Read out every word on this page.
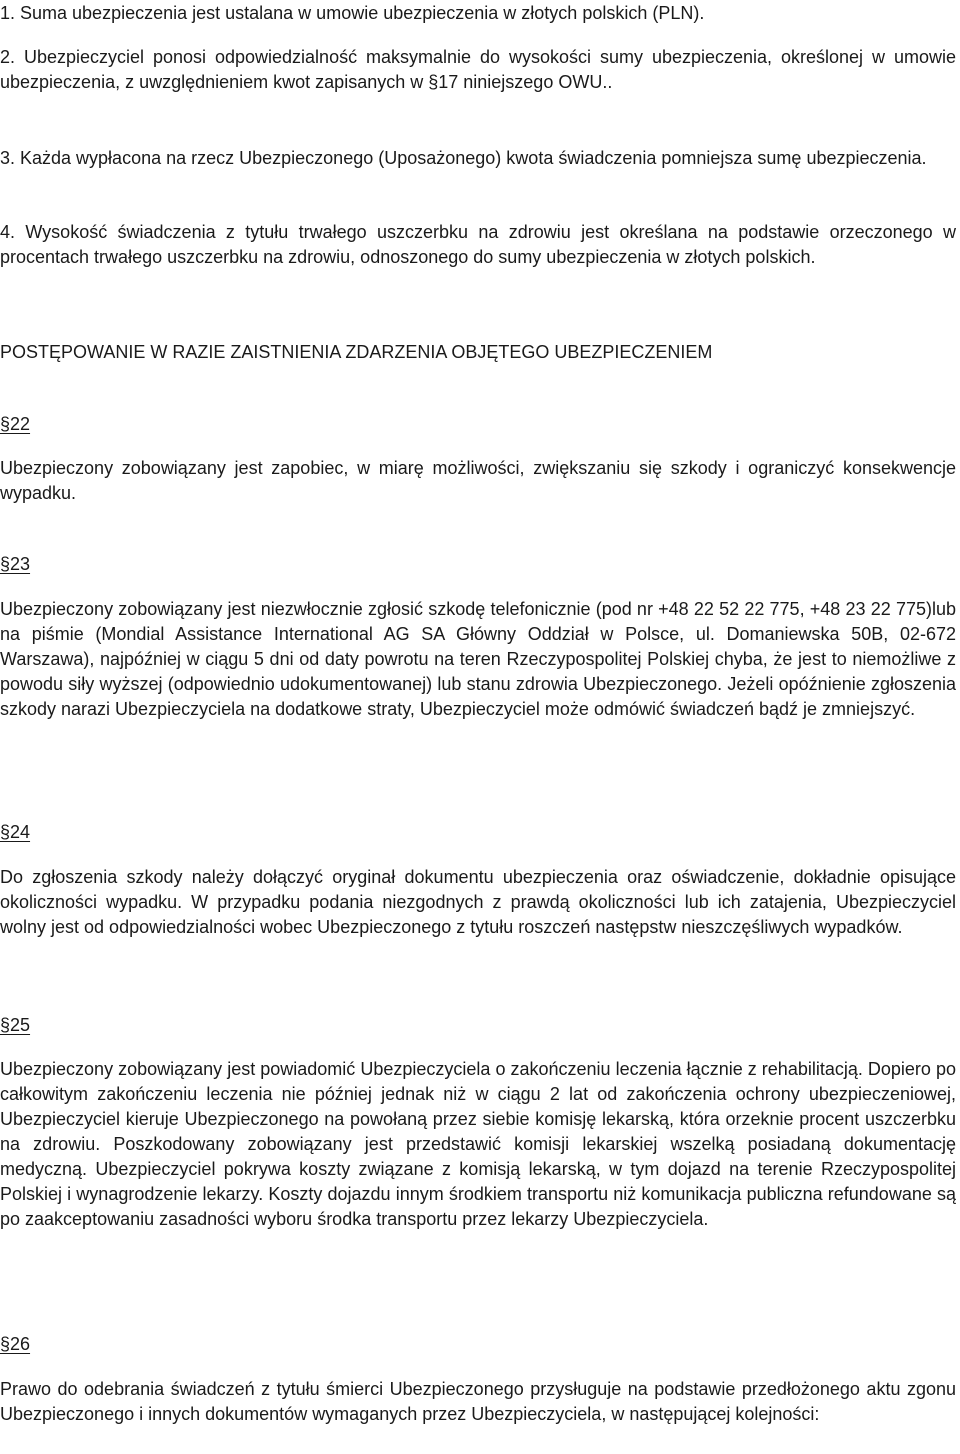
1. Suma ubezpieczenia jest ustalana w umowie ubezpieczenia w złotych polskich (PLN).

2. Ubezpieczyciel ponosi odpowiedzialność maksymalnie do wysokości sumy ubezpieczenia, określonej w umowie ubezpieczenia, z uwzględnieniem kwot zapisanych w §17 niniejszego OWU..

3. Każda wypłacona na rzecz Ubezpieczonego (Uposażonego) kwota świadczenia pomniejsza sumę ubezpieczenia.

4. Wysokość świadczenia z tytułu trwałego uszczerbku na zdrowiu jest określana na podstawie orzeczonego w procentach trwałego uszczerbku na zdrowiu, odnoszonego do sumy ubezpieczenia w złotych polskich.

POSTĘPOWANIE W RAZIE ZAISTNIENIA ZDARZENIA OBJĘTEGO UBEZPIECZENIEM

§22

Ubezpieczony zobowiązany jest zapobiec, w miarę możliwości, zwiększaniu się szkody i ograniczyć konsekwencje wypadku.

§23

Ubezpieczony zobowiązany jest niezwłocznie zgłosić szkodę telefonicznie (pod nr +48 22 52 22 775, +48 23 22 775)lub na piśmie (Mondial Assistance International AG SA Główny Oddział w Polsce, ul. Domaniewska 50B, 02-672 Warszawa), najpóźniej w ciągu 5 dni od daty powrotu na teren Rzeczypospolitej Polskiej chyba, że jest to niemożliwe z powodu siły wyższej (odpowiednio udokumentowanej) lub stanu zdrowia Ubezpieczonego. Jeżeli opóźnienie zgłoszenia szkody narazi Ubezpieczyciela na dodatkowe straty, Ubezpieczyciel może odmówić świadczeń bądź je zmniejszyć.

§24

Do zgłoszenia szkody należy dołączyć oryginał dokumentu ubezpieczenia oraz oświadczenie, dokładnie opisujące okoliczności wypadku. W przypadku podania niezgodnych z prawdą okoliczności lub ich zatajenia, Ubezpieczyciel wolny jest od odpowiedzialności wobec Ubezpieczonego z tytułu roszczeń następstw nieszczęśliwych wypadków.

§25

Ubezpieczony zobowiązany jest powiadomić Ubezpieczyciela o zakończeniu leczenia łącznie z rehabilitacją. Dopiero po całkowitym zakończeniu leczenia nie później jednak niż w ciągu 2 lat od zakończenia ochrony ubezpieczeniowej, Ubezpieczyciel kieruje Ubezpieczonego na powołaną przez siebie komisję lekarską, która orzeknie procent uszczerbku na zdrowiu. Poszkodowany zobowiązany jest przedstawić komisji lekarskiej wszelką posiadaną dokumentację medyczną. Ubezpieczyciel pokrywa koszty związane z komisją lekarską, w tym dojazd na terenie Rzeczypospolitej Polskiej i wynagrodzenie lekarzy. Koszty dojazdu innym środkiem transportu niż komunikacja publiczna refundowane są po zaakceptowaniu zasadności wyboru środka transportu przez lekarzy Ubezpieczyciela.

§26

Prawo do odebrania świadczeń z tytułu śmierci Ubezpieczonego przysługuje na podstawie przedłożonego aktu zgonu Ubezpieczonego i innych dokumentów wymaganych przez Ubezpieczyciela, w następującej kolejności:
